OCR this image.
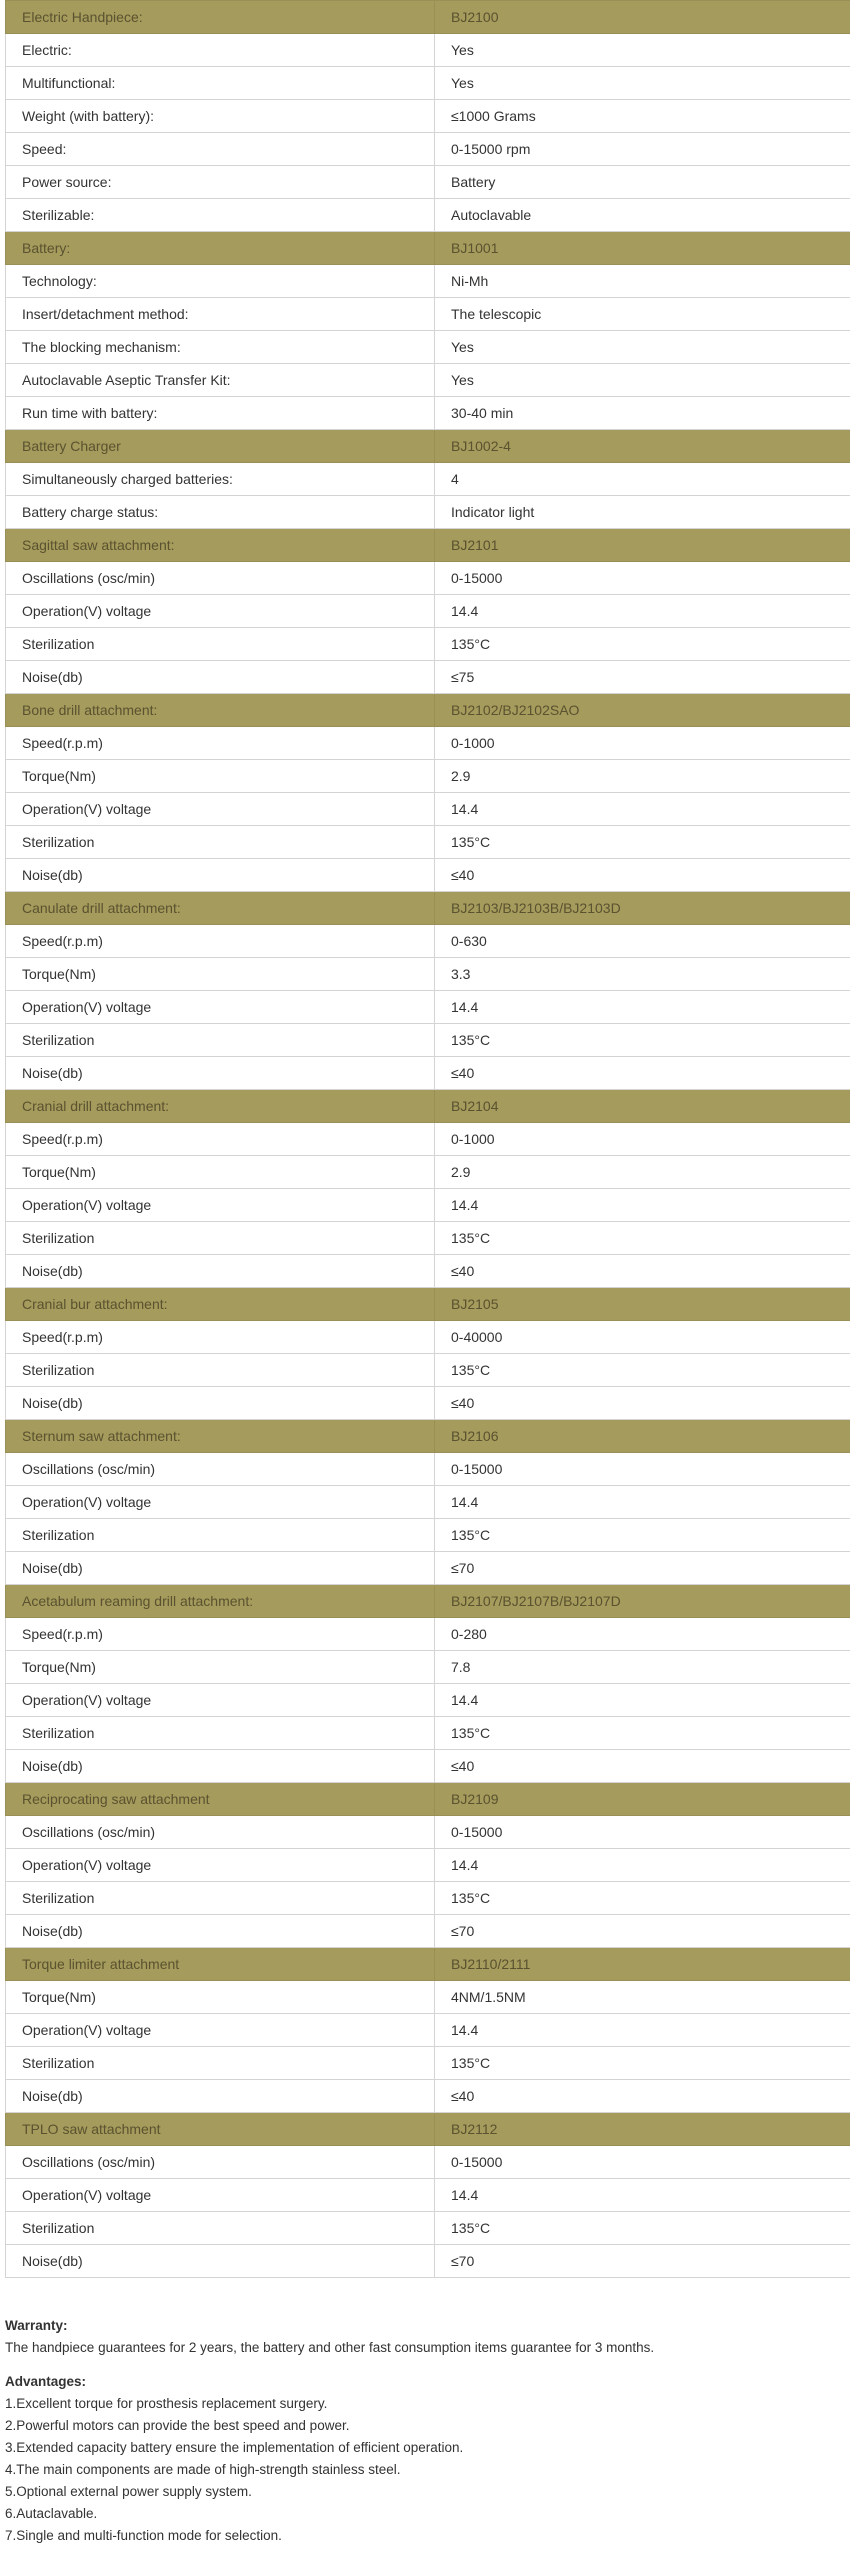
Electric Handpiece:	BJ2100
Electric:	Yes
Multifunctional:	Yes
Weight (with battery):	≤1000 Grams
Speed:	0-15000 rpm
Power source:	Battery
Sterilizable:	Autoclavable
Battery:	BJ1001
Technology:	Ni-Mh
Insert/detachment method:	The telescopic
The blocking mechanism:	Yes
Autoclavable Aseptic Transfer Kit:	Yes
Run time with battery:	30-40 min
Battery Charger	BJ1002-4
Simultaneously charged batteries:	4
Battery charge status:	Indicator light
Sagittal saw attachment:	BJ2101
Oscillations (osc/min)	0-15000
Operation(V) voltage	14.4
Sterilization	135°C
Noise(db)	≤75
Bone drill attachment:	BJ2102/BJ2102SAO
Speed(r.p.m)	0-1000
Torque(Nm)	2.9
Operation(V) voltage	14.4
Sterilization	135°C
Noise(db)	≤40
Canulate drill attachment:	BJ2103/BJ2103B/BJ2103D
Speed(r.p.m)	0-630
Torque(Nm)	3.3
Operation(V) voltage	14.4
Sterilization	135°C
Noise(db)	≤40
Cranial drill attachment:	BJ2104
Speed(r.p.m)	0-1000
Torque(Nm)	2.9
Operation(V) voltage	14.4
Sterilization	135°C
Noise(db)	≤40
Cranial bur attachment:	BJ2105
Speed(r.p.m)	0-40000
Sterilization	135°C
Noise(db)	≤40
Sternum saw attachment:	BJ2106
Oscillations (osc/min)	0-15000
Operation(V) voltage	14.4
Sterilization	135°C
Noise(db)	≤70
Acetabulum reaming drill attachment:	BJ2107/BJ2107B/BJ2107D
Speed(r.p.m)	0-280
Torque(Nm)	7.8
Operation(V) voltage	14.4
Sterilization	135°C
Noise(db)	≤40
Reciprocating saw attachment	BJ2109
Oscillations (osc/min)	0-15000
Operation(V) voltage	14.4
Sterilization	135°C
Noise(db)	≤70
Torque limiter attachment	BJ2110/2111
Torque(Nm)	4NM/1.5NM
Operation(V) voltage	14.4
Sterilization	135°C
Noise(db)	≤40
TPLO saw attachment	BJ2112
Oscillations (osc/min)	0-15000
Operation(V) voltage	14.4
Sterilization	135°C
Noise(db)	≤70

Warranty:

The handpiece guarantees for 2 years, the battery and other fast consumption items guarantee for 3 months.

Advantages:

1.Excellent torque for prosthesis replacement surgery.
2.Powerful motors can provide the best speed and power.
3.Extended capacity battery ensure the implementation of efficient operation.
4.The main components are made of high-strength stainless steel.
5.Optional external power supply system.
6.Autaclavable.
7.Single and multi-function mode for selection.
